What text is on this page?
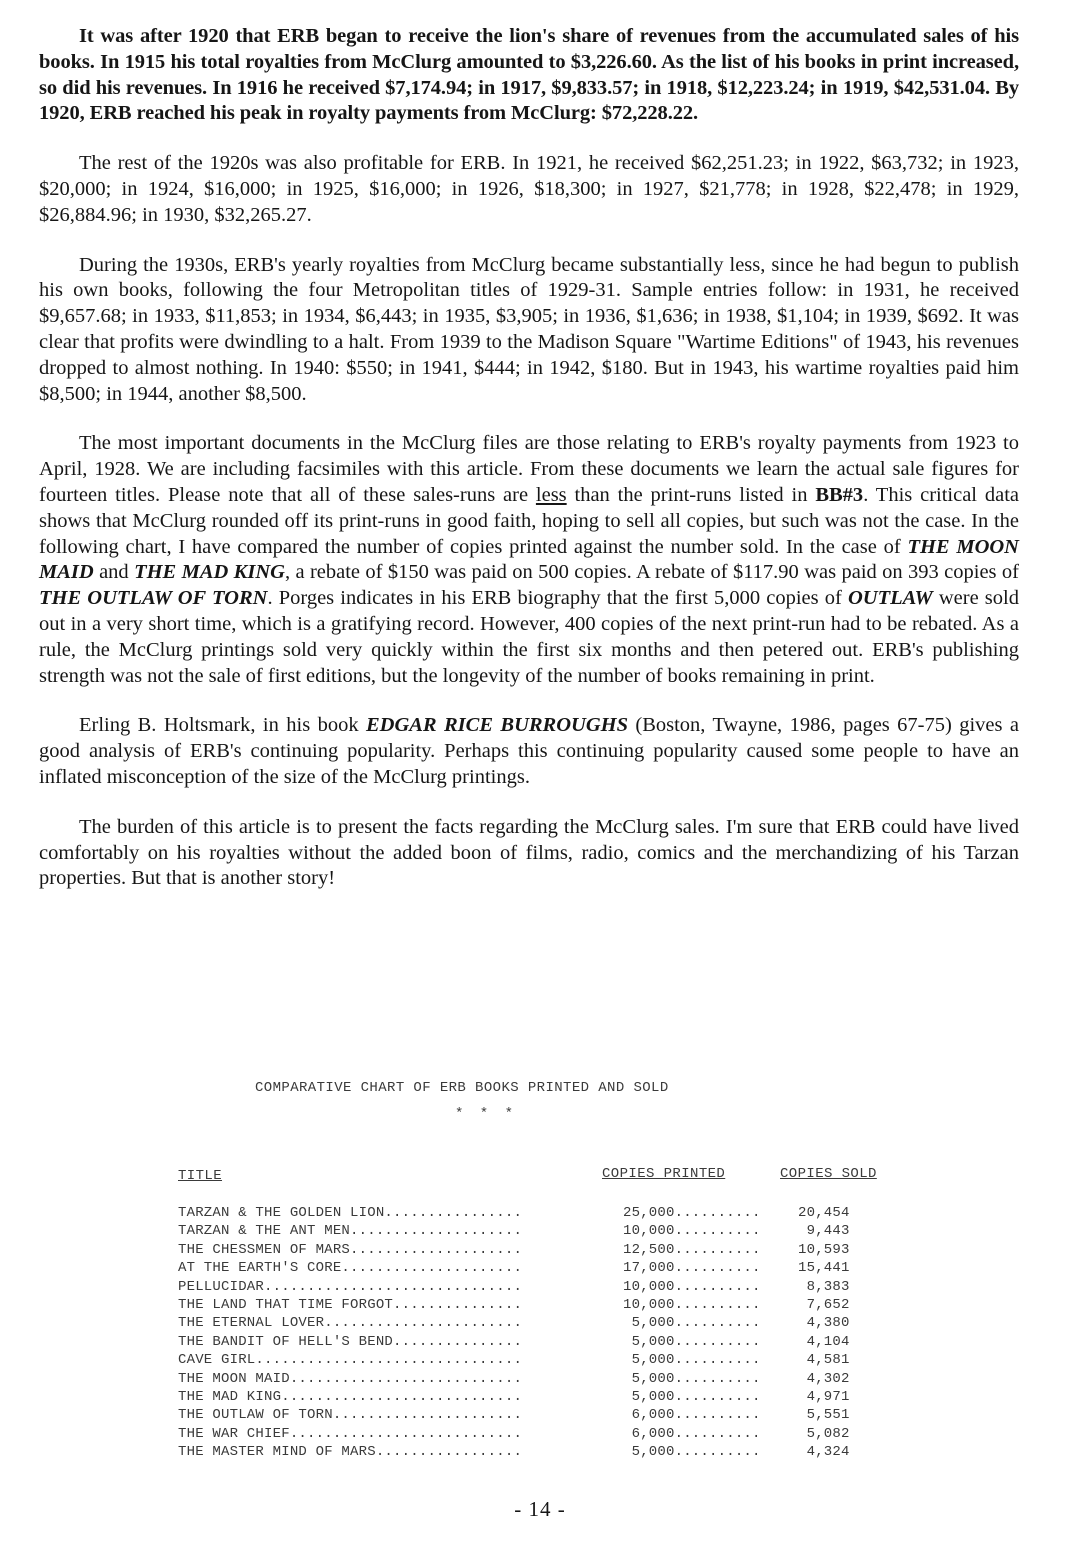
It was after 1920 that ERB began to receive the lion's share of revenues from the accumulated sales of his books. In 1915 his total royalties from McClurg amounted to $3,226.60. As the list of his books in print increased, so did his revenues. In 1916 he received $7,174.94; in 1917, $9,833.57; in 1918, $12,223.24; in 1919, $42,531.04. By 1920, ERB reached his peak in royalty payments from McClurg: $72,228.22.

The rest of the 1920s was also profitable for ERB. In 1921, he received $62,251.23; in 1922, $63,732; in 1923, $20,000; in 1924, $16,000; in 1925, $16,000; in 1926, $18,300; in 1927, $21,778; in 1928, $22,478; in 1929, $26,884.96; in 1930, $32,265.27.

During the 1930s, ERB's yearly royalties from McClurg became substantially less, since he had begun to publish his own books, following the four Metropolitan titles of 1929-31. Sample entries follow: in 1931, he received $9,657.68; in 1933, $11,853; in 1934, $6,443; in 1935, $3,905; in 1936, $1,636; in 1938, $1,104; in 1939, $692. It was clear that profits were dwindling to a halt. From 1939 to the Madison Square "Wartime Editions" of 1943, his revenues dropped to almost nothing. In 1940: $550; in 1941, $444; in 1942, $180. But in 1943, his wartime royalties paid him $8,500; in 1944, another $8,500.

The most important documents in the McClurg files are those relating to ERB's royalty payments from 1923 to April, 1928. We are including facsimiles with this article. From these documents we learn the actual sale figures for fourteen titles. Please note that all of these sales-runs are less than the print-runs listed in BB#3. This critical data shows that McClurg rounded off its print-runs in good faith, hoping to sell all copies, but such was not the case. In the following chart, I have compared the number of copies printed against the number sold. In the case of THE MOON MAID and THE MAD KING, a rebate of $150 was paid on 500 copies. A rebate of $117.90 was paid on 393 copies of THE OUTLAW OF TORN. Porges indicates in his ERB biography that the first 5,000 copies of OUTLAW were sold out in a very short time, which is a gratifying record. However, 400 copies of the next print-run had to be rebated. As a rule, the McClurg printings sold very quickly within the first six months and then petered out. ERB's publishing strength was not the sale of first editions, but the longevity of the number of books remaining in print.

Erling B. Holtsmark, in his book EDGAR RICE BURROUGHS (Boston, Twayne, 1986, pages 67-75) gives a good analysis of ERB's continuing popularity. Perhaps this continuing popularity caused some people to have an inflated misconception of the size of the McClurg printings.

The burden of this article is to present the facts regarding the McClurg sales. I'm sure that ERB could have lived comfortably on his royalties without the added boon of films, radio, comics and the merchandizing of his Tarzan properties. But that is another story!

COMPARATIVE CHART OF ERB BOOKS PRINTED AND SOLD
* * *
TITLE	COPIES PRINTED	COPIES SOLD
TARZAN & THE GOLDEN LION................	25,000..........	20,454
TARZAN & THE ANT MEN....................	10,000.......... 9,443
THE CHESSMEN OF MARS....................	12,500..........	10,593
AT THE EARTH'S CORE.....................	17,000..........	15,441
PELLUCIDAR..............................	10,000.......... 8,383
THE LAND THAT TIME FORGOT...............	10,000.......... 7,652
THE ETERNAL LOVER.......................	5,000.......... 4,380
THE BANDIT OF HELL'S BEND...............	5,000.......... 4,104
CAVE GIRL...............................	5,000.......... 4,581
THE MOON MAID...........................	5,000.......... 4,302
THE MAD KING............................	5,000.......... 4,971
THE OUTLAW OF TORN......................	6,000.......... 5,551
THE WAR CHIEF...........................	6,000.......... 5,082
THE MASTER MIND OF MARS.................	5,000.......... 4,324
- 14 -
